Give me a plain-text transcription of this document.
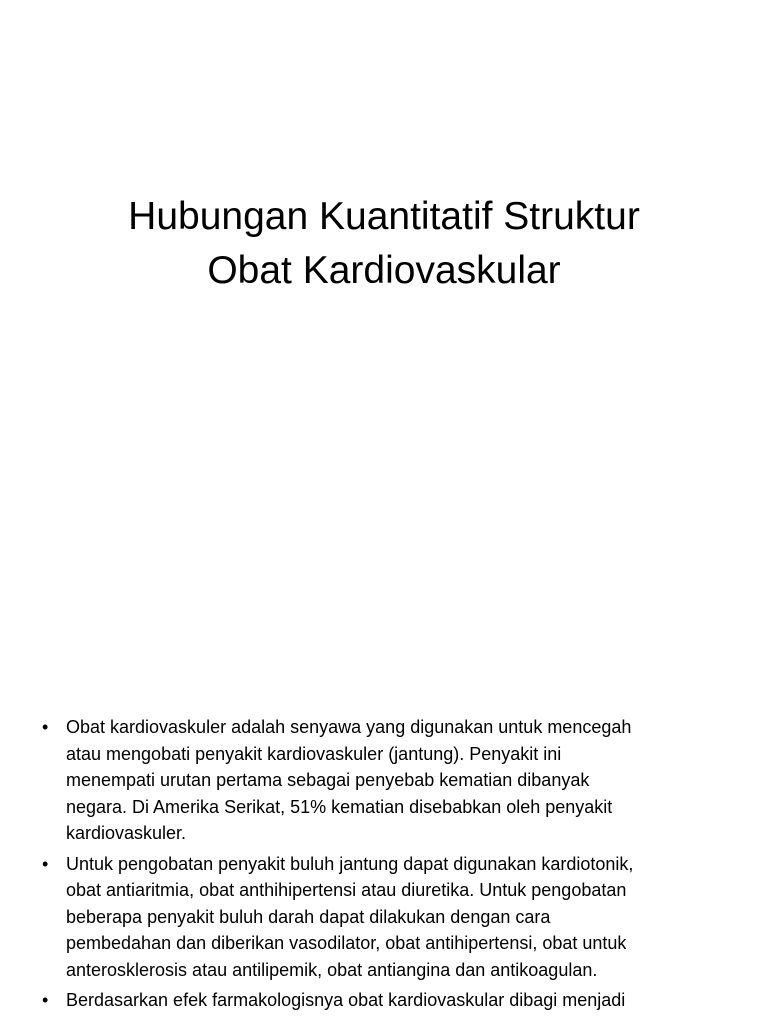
Hubungan Kuantitatif Struktur
Obat Kardiovaskular
• Obat kardiovaskuler adalah senyawa yang digunakan untuk mencegah
atau mengobati penyakit kardiovaskuler (jantung). Penyakit ini
menempati urutan pertama sebagai penyebab kematian dibanyak
negara. Di Amerika Serikat, 51% kematian disebabkan oleh penyakit
kardiovaskuler.
• Untuk pengobatan penyakit buluh jantung dapat digunakan kardiotonik,
obat antiaritmia, obat anthihipertensi atau diuretika. Untuk pengobatan
beberapa penyakit buluh darah dapat dilakukan dengan cara
pembedahan dan diberikan vasodilator, obat antihipertensi, obat untuk
anterosklerosis atau antilipemik, obat antiangina dan antikoagulan.
• Berdasarkan efek farmakologisnya obat kardiovaskular dibagi menjadi
